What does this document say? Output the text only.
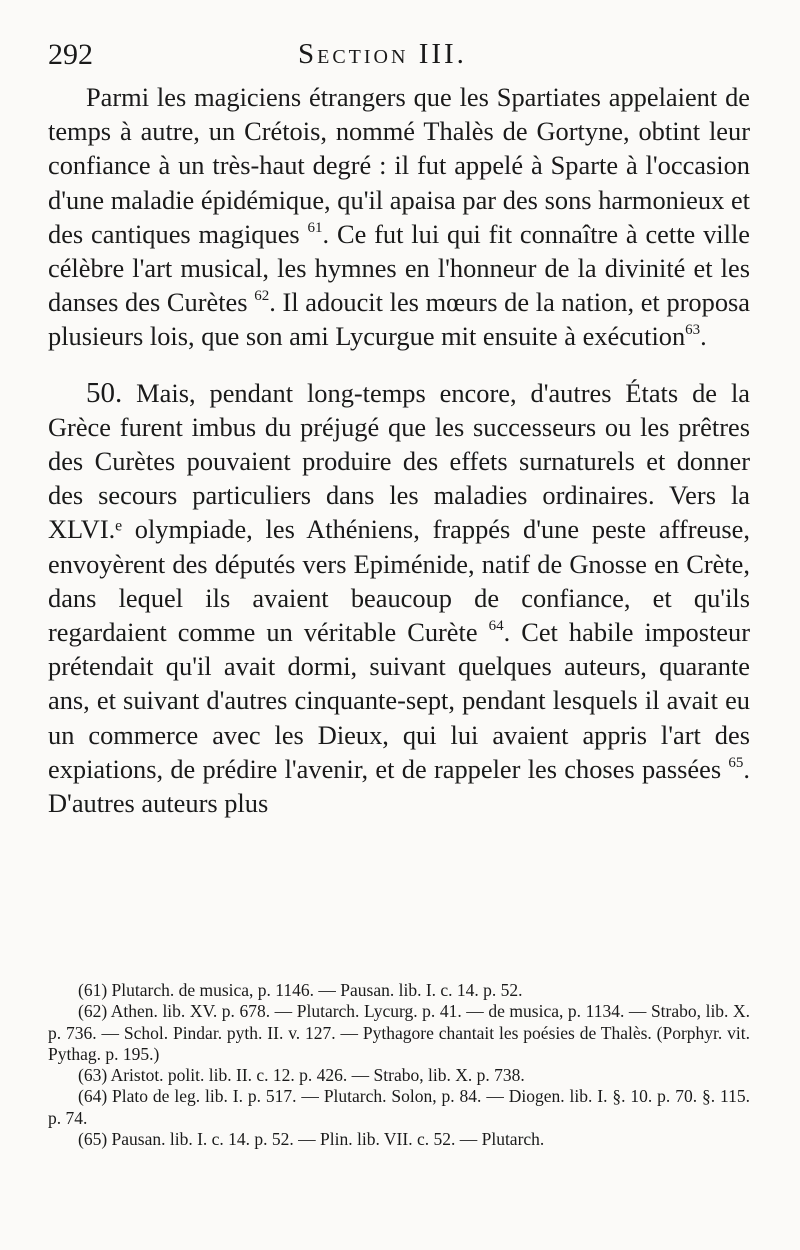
292	Section III.

Parmi les magiciens étrangers que les Spartiates appelaient de temps à autre, un Crétois, nommé Thalès de Gortyne, obtint leur confiance à un très-haut degré : il fut appelé à Sparte à l'occasion d'une maladie épidémique, qu'il apaisa par des sons harmonieux et des cantiques magiques $^{61}$. Ce fut lui qui fit connaître à cette ville célèbre l'art musical, les hymnes en l'honneur de la divinité et les danses des Curètes $^{62}$. Il adoucit les mœurs de la nation, et proposa plusieurs lois, que son ami Lycurgue mit ensuite à exécution$^{63}$.

50. Mais, pendant long-temps encore, d'autres États de la Grèce furent imbus du préjugé que les successeurs ou les prêtres des Curètes pouvaient produire des effets surnaturels et donner des secours particuliers dans les maladies ordinaires. Vers la XLVI.ᵉ olympiade, les Athéniens, frappés d'une peste affreuse, envoyèrent des députés vers Epiménide, natif de Gnosse en Crète, dans lequel ils avaient beaucoup de confiance, et qu'ils regardaient comme un véritable Curète $^{64}$. Cet habile imposteur prétendait qu'il avait dormi, suivant quelques auteurs, quarante ans, et suivant d'autres cinquante-sept, pendant lesquels il avait eu un commerce avec les Dieux, qui lui avaient appris l'art des expiations, de prédire l'avenir, et de rappeler les choses passées $^{65}$. D'autres auteurs plus

(61) Plutarch. de musica, p. 1146. — Pausan. lib. I. c. 14. p. 52.

(62) Athen. lib. XV. p. 678. — Plutarch. Lycurg. p. 41. — de musica, p. 1134. — Strabo, lib. X. p. 736. — Schol. Pindar. pyth. II. v. 127. — Pythagore chantait les poésies de Thalès. (Porphyr. vit. Pythag. p. 195.)

(63) Aristot. polit. lib. II. c. 12. p. 426. — Strabo, lib. X. p. 738.

(64) Plato de leg. lib. I. p. 517. — Plutarch. Solon, p. 84. — Diogen. lib. I. §. 10. p. 70. §. 115. p. 74.

(65) Pausan. lib. I. c. 14. p. 52. — Plin. lib. VII. c. 52. — Plutarch.
